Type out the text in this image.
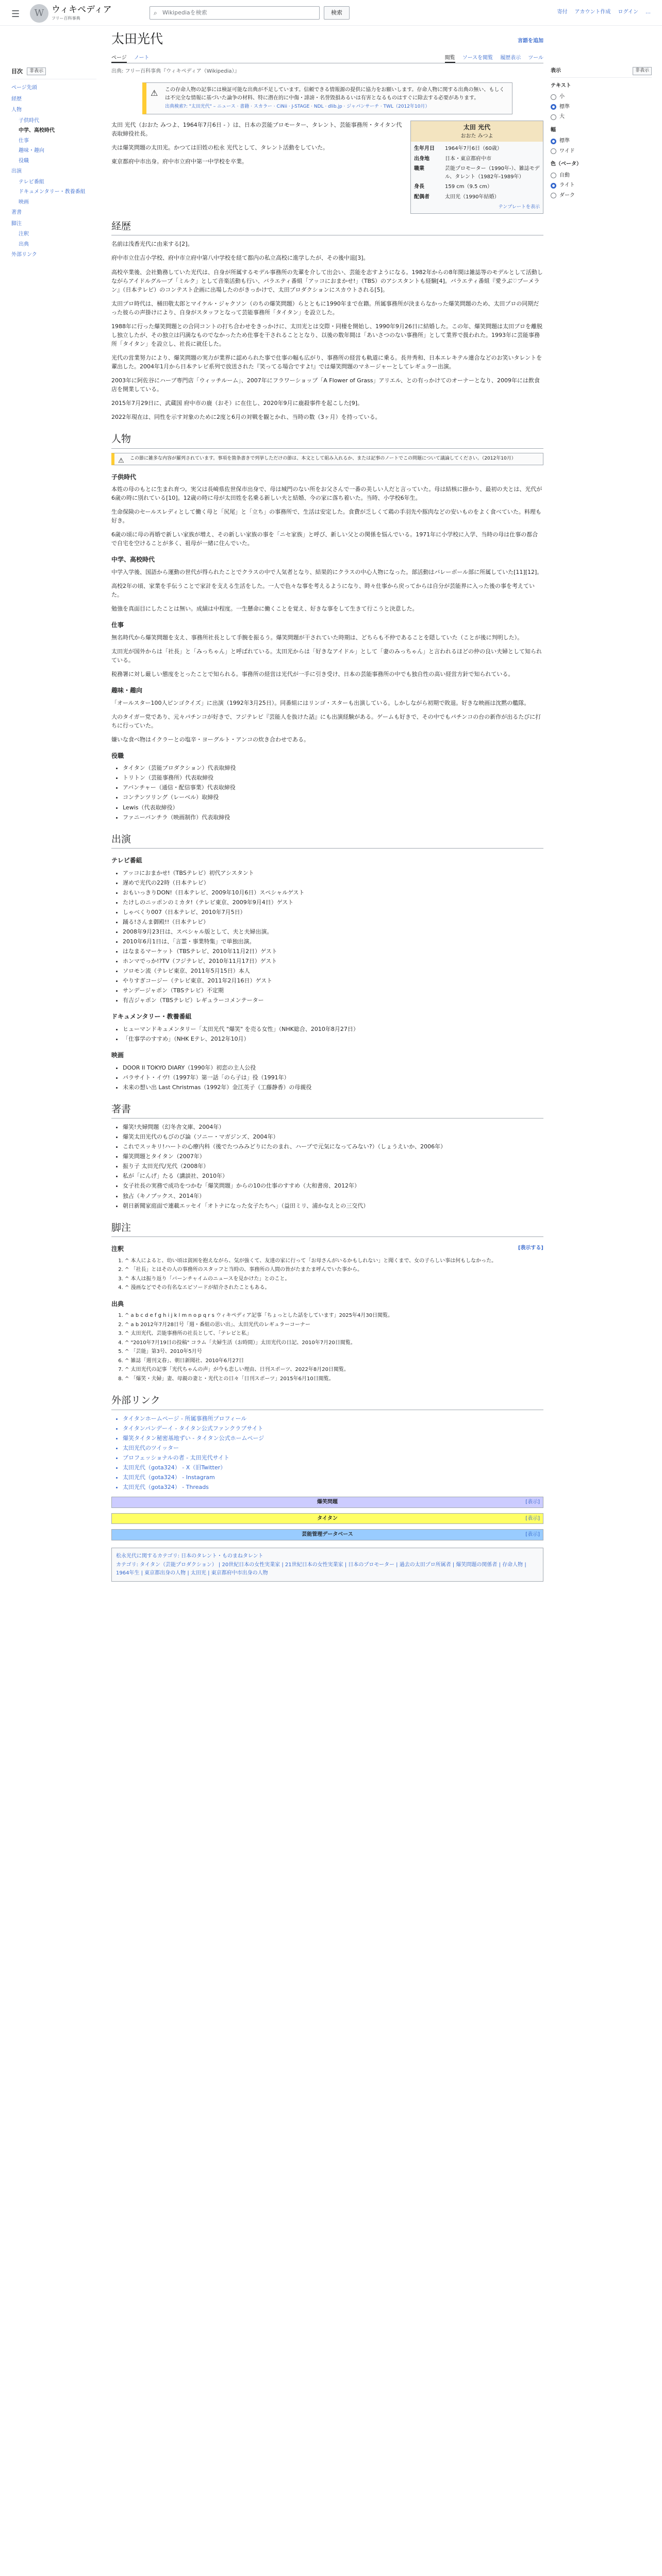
☰	W ウィキペディア
フリー百科事典
⌕ Wikipediaを検索	検索	寄付 アカウント作成 ログイン …
目次	非表示
ページ先頭
経歴
人物
子供時代
中学、高校時代
仕事
趣味・趣向
役職
出演
テレビ番組
ドキュメンタリー・教養番組
映画
著書
脚注
注釈
出典
外部リンク
表示	非表示
テキスト
小
標準
大
幅
標準
ワイド
色（ベータ）
自動
ライト
ダーク
太田光代	言語を追加
ページ ノート	閲覧 ソースを閲覧 履歴表示 ツール
出典: フリー百科事典『ウィキペディア（Wikipedia）』
⚠ この存命人物の記事には検証可能な出典が不足しています。信頼できる情報源の提供に協力をお願いします。存命人物に関する出典の無い、もしくは不完全な情報に基づいた論争の材料、特に潜在的に中傷・誹謗・名誉毀損あるいは有害となるものはすぐに除去する必要があります。
出典検索?: "太田光代" – ニュース · 書籍 · スカラー · CiNii · J-STAGE · NDL · dlib.jp · ジャパンサーチ · TWL（2012年10月）
太田 光代
おおた みつよ
生年月日	1964年7月6日（60歳）
出身地	日本・東京都府中市
職業	芸能プロモーター（1990年-）、雑誌モデル、タレント（1982年-1989年）
身長	159 cm（9.5 cm）
配偶者	太田光（1990年結婚）
テンプレートを表示

太田 光代（おおた みつよ、1964年7月6日 - ）は、日本の芸能プロモーター、タレント、芸能事務所・タイタン代表取締役社長。

夫は爆笑問題の太田光。かつては旧姓の松永 光代として、タレント活動をしていた。

東京都府中市出身。府中市立府中第一中学校を卒業。

経歴

名前は浅香光代に由来する[2]。

府中市立住吉小学校、府中市立府中第八中学校を経て都内の私立高校に進学したが、その後中退[3]。

高校卒業後、会社勤務していた光代は、自身が所属するモデル事務所の先輩を介して出会い、芸能を志すようになる。1982年からの8年間は雑誌等のモデルとして活動しながらアイドルグループ「ミルク」として音楽活動も行い、バラエティ番組「アッコにおまかせ!」（TBS）のアシスタントも経験[4]。バラエティ番組『愛ラぶ♡ブーメラン』（日本テレビ）のコンテスト企画に出場したのがきっかけで、太田プロダクションにスカウトされる[5]。

太田プロ時代は、桶田敬太郎とマイケル・ジャクソン（のちの爆笑問題）らとともに1990年まで在籍。所属事務所が決まらなかった爆笑問題のため、太田プロの同期だった彼らの声掛けにより、自身がスタッフとなって芸能事務所「タイタン」を設立した。

1988年に行った爆笑問題との合同コントの打ち合わせをきっかけに、太田光とは交際・同棲を開始し、1990年9月26日に結婚した。この年、爆笑問題は太田プロを離脱し独立したが、その独立は円満なものでなかったため仕事を干されることとなり、以後の数年間は「あいさつのない事務所」として業界で扱われた。1993年に芸能事務所「タイタン」を設立し、社長に就任した。

光代の営業努力により、爆笑問題の実力が業界に認められた事で仕事の幅も広がり、事務所の経営も軌道に乗る。長井秀和、日本エレキテル連合などのお笑いタレントを輩出した。2004年1月から日本テレビ系列で放送された『笑ってる場合ですよ!』では爆笑問題のマネージャーとしてレギュラー出演。

2003年に阿佐谷にハーブ専門店「ウィッチルーム」、2007年にフラワーショップ「A Flower of Grass」アリエル、との有っかけてのオーナーとなり、2009年には飲食店を開業している。

2015年7月29日に、武蔵国 府中市の鹿（おそ）に在住し、2020年9月に鹿殺事件を起こした[9]。

2022年現在は、同性を示す対象のために2度と6月の対戦を観とかれ、当時の数（3ヶ月）を持っている。

人物
⚠ この節に雑多な内容が羅列されています。事項を箇条書きで列挙しただけの節は、本文として組み入れるか、または記事のノートでこの問題について議論してください。（2012年10月）
子供時代

本姓の母のもとに生まれ育つ。実父は長崎県佐世保市出身で、母は城門のない所をお父さんで一番の美しい人だと言っていた。母は結核に掛かり、最初の夫とは、光代が6歳の時に別れている[10]。12歳の時に母が太田姓を名乗る新しい夫と結婚、今の家に落ち着いた。当時、小学校6年生。

生命保険のセールスレディとして働く母と「尻尾」と「立ち」の事務所で、生活は安定した。食費が乏しくて鶏の手羽先や豚肉などの安いものをよく食べていた。料理も好き。

6歳の頃に母の再婚で新しい家族が増え、その新しい家族の事を「ニセ家族」と呼び、新しい父との関係を悩んでいる。1971年に小学校に入学、当時の母は仕事の都合で自宅を空けることが多く、祖母が一緒に住んでいた。

中学、高校時代

中学入学後、国語から運動の世代が得られたことでクラスの中で人気者となり、結果的にクラスの中心人物になった。部活動はバレーボール部に所属していた[11][12]。

高校2年の頃、家業を手伝うことで家計を支える生活をした。一人で色々な事を考えるようになり、時々仕事から戻ってからは自分が芸能界に入った後の事を考えていた。

勉強を真面目にしたことは無い。成績は中程度。一生懸命に働くことを覚え、好きな事をして生きて行こうと決意した。

仕事

無名時代から爆笑問題を支え、事務所社長として手腕を振るう。爆笑問題が干されていた時期は、どちらも不仲であることを隠していた（ことが後に判明した）。

太田光が国外からは「社長」と「みっちゃん」と呼ばれている。太田光からは「好きなアイドル」として「妻のみっちゃん」と言われるほどの仲の良い夫婦として知られている。

税務署に対し厳しい態度をとったことで知られる。事務所の経営は光代が一手に引き受け、日本の芸能事務所の中でも独自性の高い経営方針で知られている。

趣味・趣向

「オールスター100人ピンゴクイズ」に出演（1992年3月25日）。同番組にはリンゴ・スターも出演している。しかしながら初期で敗退。好きな映画は沈黙の艦隊。

大のタイガー党であり、元々パチンコが好きで、フジテレビ『芸能人を抜けた話』にも出演経験がある。ゲームも好きで、その中でもパチンコの台の新作が出るたびに打ちに行っていた。

嫌いな食べ物はイクラーとの塩辛・ヨーグルト・アンコの炊き合わせである。

役職
• タイタン（芸能プロダクション）代表取締役
• トリトン（芸能事務所）代表取締役
• アバンチャー（通信・配信事業）代表取締役
• コンテンツリング（レーベル）取締役
• Lewis（代表取締役）
• ファニーパンチラ（映画制作）代表取締役
出演
テレビ番組
• アッコにおまかせ!（TBSテレビ）初代アシスタント
• 遅めで光代の22時（日本テレビ）
• おもいっきりDON!（日本テレビ、2009年10月6日）スペシャルゲスト
• たけしのニッポンのミカタ!（テレビ東京、2009年9月4日）ゲスト
• しゃべくり007（日本テレビ、2010年7月5日）
• 踊る!さんま御殿!!（日本テレビ）
• 2008年9月23日は、スペシャル版として、夫と夫婦出演。
• 2010年6月1日は、「言霊・事業特集」で単独出演。
• はなまるマーケット（TBSテレビ、2010年11月2日）ゲスト
• ホンマでっか!?TV（フジテレビ、2010年11月17日）ゲスト
• ソロモン流（テレビ東京、2011年5月15日）本人
• やりすぎコージー（テレビ東京、2011年2月16日）ゲスト
• サンデージャポン（TBSテレビ）不定期
• 有吉ジャポン（TBSテレビ）レギュラーコメンテーター
ドキュメンタリー・教養番組
• ヒューマンドキュメンタリー「太田光代 "爆笑" を売る女性」（NHK総合、2010年8月27日）
• 「仕事学のすすめ」（NHK Eテレ、2012年10月）
映画
• DOOR II TOKYO DIARY（1990年）初恋の主人公役
• パラサイト・イヴ!（1997年）第一話「のら子は」役（1991年）
• 未来の想い出 Last Christmas（1992年）金江英子（工藤静香）の母親役
著書
• 爆笑!夫婦問題（幻冬舎文庫、2004年）
• 爆笑太田光代のもびのび論（ソニー・マガジンズ、2004年）
• これでスッキリ!ハートの心療内科（後でたつみみどりにたのまれ、ハーブで元気になってみない?）（しょうえいか、2006年）
• 爆笑問題とタイタン（2007年）
• 振り子 太田光代/光代（2008年）
• 私が「にんげ」たる（講談社、2010年）
• 女子社長の実務で成功をつかむ「爆笑問題」からの10の仕事のすすめ（大和書房、2012年）
• 独占（キノブックス、2014年）
• 朝日新聞家庭面で連載エッセイ「オトナになった女子たちへ」（益田ミリ、浦かなえとの三交代）
脚注
注釈	[表示する]
1. ^ 本人によると、幼い頃は貧困を抱えながら、気が強くて、友達の家に行って「お母さんがいるかもしれない」と聞くまで、女の子らしい事は何もしなかった。
2. ^ 「社長」とはその人の事務所のスタッフと当時の、事務所の人間の皆がたまたま呼んでいた事から。
3. ^ 本人は振り返り「バーンチャイムのニュースを見かけた」とのこと。
4. ^ 漫画などでその有名なエピソードが紹介されたこともある。
出典
1. ^ a b c d e f g h i j k l m n o p q r s ウィキペディア記事「ちょっとした話をしています」2025年4月30日閲覧。
2. ^ a b 2012年7月28日号「週・番組の思い出」、太田光代のレギュラーコーナー
3. ^ 太田光代、芸能事務所の社長として、「テレビと私」
4. ^ "2010年7月19日の投稿" コラム「夫婦生活（お時間）」太田光代の日記、2010年7月20日閲覧。
5. ^ 「芸能」第3号、2010年5月号
6. ^ 雑誌「週刊文春」、朝日新聞社、2010年6月27日
7. ^ 太田光代の記事「光代ちゃんの声」が今も恋しい理由、日刊スポーツ、2022年8月20日閲覧。
8. ^ 「爆笑・夫婦」妻、母親の妻と・光代との日々「日刊スポーツ」2015年6月10日閲覧。
外部リンク
• タイタンホームページ - 所属事務所プロフィール
• タイタンパンデーイ - タイタン公式ファンクラブサイト
• 爆笑タイタン秘密基地ずい - タイタン公式ホームページ
• 太田光代のツイッター
• プロフェッショナルの者 - 太田光代サイト
• 太田光代（gota324） - X（旧Twitter）
• 太田光代（gota324） - Instagram
• 太田光代（gota324） - Threads
爆笑問題	[表示]
タイタン	[表示]
芸能管理データベース	[表示]
松永光代に関するカテゴリ: 日本のタレント・ものまねタレント
カテゴリ: タイタン（芸能プロダクション） | 20世紀日本の女性実業家 | 21世紀日本の女性実業家 | 日本のプロモーター | 過去の太田プロ所属者 | 爆笑問題の関係者 | 存命人物 | 1964年生 | 東京都出身の人物 | 太田光 | 東京都府中市出身の人物
